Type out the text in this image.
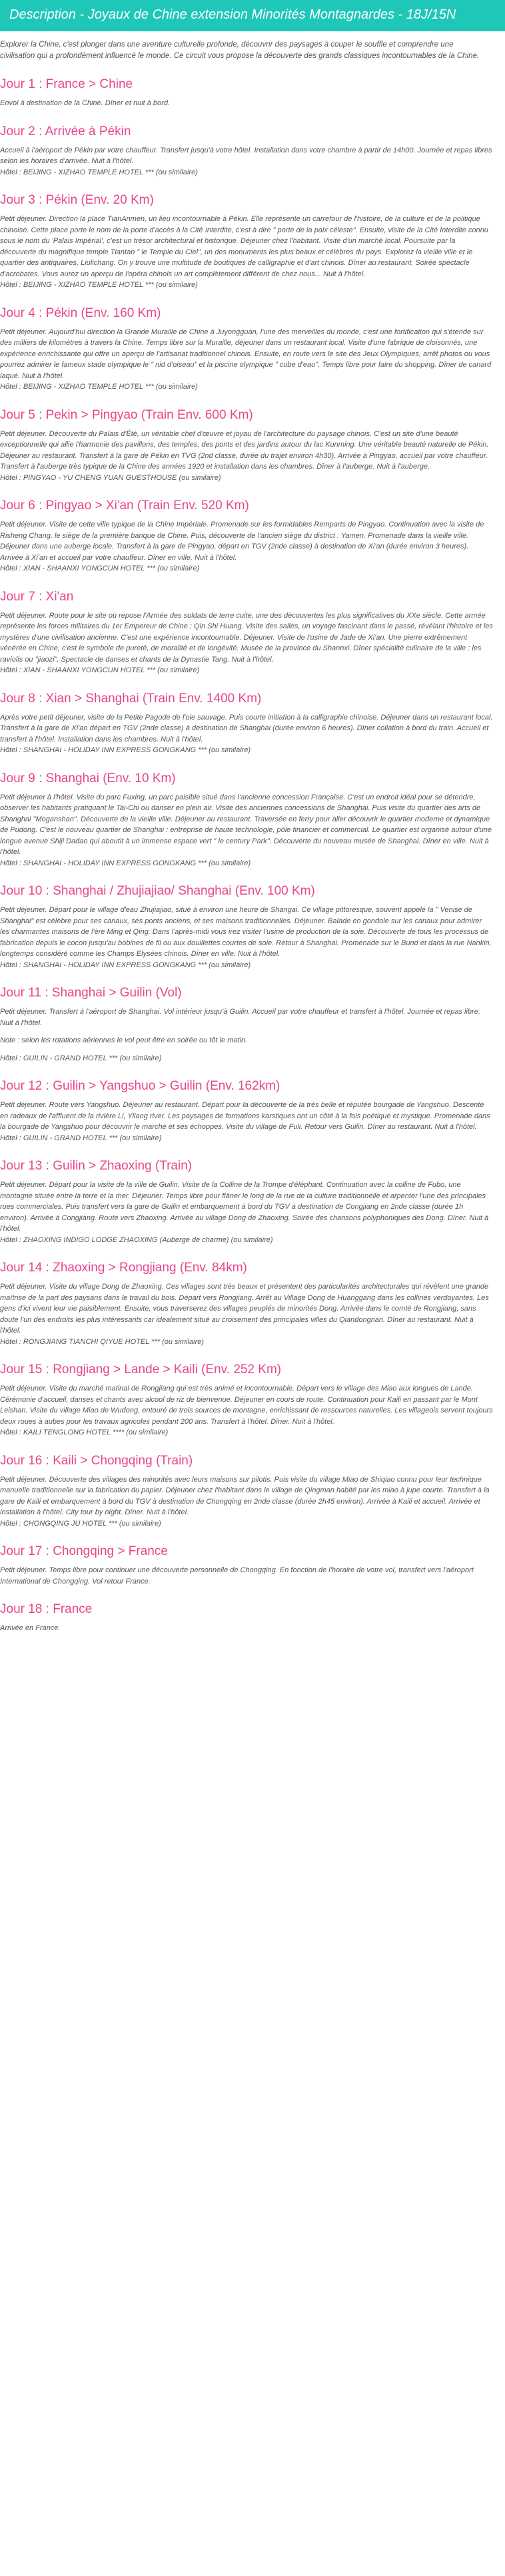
Description - Joyaux de Chine extension Minorités Montagnardes - 18J/15N

Explorer la Chine, c'est plonger dans une aventure culturelle profonde, découvrir des paysages à couper le souffle et comprendre une civilisation qui a profondément influencé le monde. Ce circuit vous propose la découverte des grands classiques incontournables de la Chine.

Jour 1 : France > Chine

Envol à destination de la Chine. Dîner et nuit à bord.

Jour 2 : Arrivée à Pékin

Accueil à l'aéroport de Pékin par votre chauffeur. Transfert jusqu'à votre hôtel. Installation dans votre chambre à partir de 14h00. Journée et repas libres selon les horaires d'arrivée. Nuit à l'hôtel.
Hôtel : BEIJING - XIZHAO TEMPLE HOTEL *** (ou similaire)

Jour 3 : Pékin (Env. 20 Km)

Petit déjeuner. Direction la place TianAnmen, un lieu incontournable à Pékin. Elle représente un carrefour de l'histoire, de la culture et de la politique chinoise. Cette place porte le nom de la porte d'accès à la Cité Interdite, c'est à dire " porte de la paix céleste". Ensuite, visite de la Cité Interdite connu sous le nom du 'Palais Impérial', c'est un trésor architectural et historique. Déjeuner chez l'habitant. Visite d'un marché local. Poursuite par la découverte du magnifique temple Tiantan " le Temple du Ciel", un des monuments les plus beaux et célèbres du pays. Explorez la vieille ville et le quartier des antiquaires, Liulichang. On y trouve une multitude de boutiques de calligraphie et d'art chinois. Dîner au restaurant. Soirée spectacle d'acrobates. Vous aurez un aperçu de l'opéra chinois un art complètement différent de chez nous... Nuit à l'hôtel.
Hôtel : BEIJING - XIZHAO TEMPLE HOTEL *** (ou similaire)

Jour 4 : Pékin (Env. 160 Km)

Petit déjeuner. Aujourd'hui direction la Grande Muraille de Chine à Juyongguan, l'une des merveilles du monde, c'est une fortification qui s'étende sur des milliers de kilomètres à travers la Chine. Temps libre sur la Muraille, déjeuner dans un restaurant local. Visite d'une fabrique de cloisonnés, une expérience enrichissante qui offre un aperçu de l'artisanat traditionnel chinois. Ensuite, en route vers le site des Jeux Olympiques, arrêt photos ou vous pourrez admirer le fameux stade olympique le " nid d'oiseau" et la piscine olympique " cube d'eau". Temps libre pour faire du shopping. Dîner de canard laqué. Nuit à l'hôtel.
Hôtel : BEIJING - XIZHAO TEMPLE HOTEL *** (ou similaire)

Jour 5 : Pekin > Pingyao (Train Env. 600 Km)

Petit déjeuner. Découverte du Palais d'Été, un véritable chef d'œuvre et joyau de l'architecture du paysage chinois. C'est un site d'une beauté exceptionnelle qui allie l'harmonie des pavillons, des temples, des ponts et des jardins autour du lac Kunming. Une véritable beauté naturelle de Pékin. Déjeuner au restaurant. Transfert à la gare de Pékin en TVG (2nd classe, durée du trajet environ 4h30). Arrivée à Pingyao, accueil par votre chauffeur. Transfert à l'auberge très typique de la Chine des années 1920 et installation dans les chambres. Dîner à l'auberge. Nuit à l'auberge.
Hôtel : PINGYAO - YU CHENG YUAN GUESTHOUSE (ou similaire)

Jour 6 : Pingyao > Xi'an (Train Env. 520 Km)

Petit déjeuner. Visite de cette ville typique de la Chine Impériale. Promenade sur les formidables Remparts de Pingyao. Continuation avec la visite de Risheng Chang, le siège de la première banque de Chine. Puis, découverte de l'ancien siège du district : Yamen. Promenade dans la vieille ville. Déjeuner dans une auberge locale. Transfert à la gare de Pingyao, départ en TGV (2nde classe) à destination de Xi'an (durée environ 3 heures). Arrivée à Xi'an et accueil par votre chauffeur. Dîner en ville. Nuit à l'hôtel.
Hôtel : XIAN - SHAANXI YONGCUN HOTEL *** (ou similaire)

Jour 7 : Xi'an

Petit déjeuner. Route pour le site où repose l'Armée des soldats de terre cuite, une des découvertes les plus significatives du XXe siècle. Cette armée représente les forces militaires du 1er Empereur de Chine : Qin Shi Huang. Visite des salles, un voyage fascinant dans le passé, révélant l'histoire et les mystères d'une civilisation ancienne. C'est une expérience incontournable. Déjeuner. Visite de l'usine de Jade de Xi'an. Une pierre extrêmement vénérée en Chine, c'est le symbole de pureté, de moralité et de longévité. Musée de la province du Shannxi. Dîner spécialité culinaire de la ville : les raviolis ou "jiaozi". Spectacle de danses et chants de la Dynastie Tang. Nuit à l'hôtel.
Hôtel : XIAN - SHAANXI YONGCUN HOTEL *** (ou similaire)

Jour 8 : Xian > Shanghai (Train Env. 1400 Km)

Après votre petit déjeuner, visite de la Petite Pagode de l'oie sauvage. Puis courte initiation à la calligraphie chinoise. Déjeuner dans un restaurant local. Transfert à la gare de Xi'an départ en TGV (2nde classe) à destination de Shanghai (durée environ 6 heures). Dîner collation à bord du train. Accueil et transfert à l'hôtel. Installation dans les chambres. Nuit à l'hôtel.
Hôtel : SHANGHAI - HOLIDAY INN EXPRESS GONGKANG *** (ou similaire)

Jour 9 : Shanghai (Env. 10 Km)

Petit déjeuner à l'hôtel. Visite du parc Fuxing, un parc paisible situé dans l'ancienne concession Française. C'est un endroit idéal pour se détendre, observer les habitants pratiquant le Tai-Chi ou danser en plein air. Visite des anciennes concessions de Shanghai. Puis visite du quartier des arts de Shanghai "Moganshan". Découverte de la vieille ville. Déjeuner au restaurant. Traversée en ferry pour aller découvrir le quartier moderne et dynamique de Pudong. C'est le nouveau quartier de Shanghai : entreprise de haute technologie, pôle financier et commercial. Le quartier est organisé autour d'une longue avenue Shiji Dadao qui aboutit à un immense espace vert " le century Park". Découverte du nouveau musée de Shanghai. Dîner en ville. Nuit à l'hôtel.
Hôtel : SHANGHAI - HOLIDAY INN EXPRESS GONGKANG *** (ou similaire)

Jour 10 : Shanghai / Zhujiajiao/ Shanghai (Env. 100 Km)

Petit déjeuner. Départ pour le village d'eau Zhujiajiao, situé à environ une heure de Shangai. Ce village pittoresque, souvent appelé la " Venise de Shanghai" est célèbre pour ses canaux, ses ponts anciens, et ses maisons traditionnelles. Déjeuner. Balade en gondole sur les canaux pour admirer les charmantes maisons de l'ère Ming et Qing. Dans l'après-midi vous irez visiter l'usine de production de la soie. Découverte de tous les processus de fabrication depuis le cocon jusqu'au bobines de fil ou aux douillettes courtes de soie. Retour à Shanghai. Promenade sur le Bund et dans la rue Nankin, longtemps considéré comme les Champs Elysées chinois. Dîner en ville. Nuit à l'hôtel.
Hôtel : SHANGHAI - HOLIDAY INN EXPRESS GONGKANG *** (ou similaire)

Jour 11 : Shanghai > Guilin (Vol)

Petit déjeuner. Transfert à l'aéroport de Shanghai. Vol intérieur jusqu'à Guilin. Accueil par votre chauffeur et transfert à l'hôtel. Journée et repas libre. Nuit à l'hôtel.

Note : selon les rotations aériennes le vol peut être en soirée ou tôt le matin.

Hôtel : GUILIN - GRAND HOTEL *** (ou similaire)

Jour 12 : Guilin > Yangshuo > Guilin (Env. 162km)

Petit déjeuner. Route vers Yangshuo. Déjeuner au restaurant. Départ pour la découverte de la très belle et réputée bourgade de Yangshuo. Descente en radeaux de l'affluent de la rivière Li, Yilang river. Les paysages de formations karstiques ont un côté à la fois poétique et mystique. Promenade dans la bourgade de Yangshuo pour découvrir le marché et ses échoppes. Visite du village de Fuli. Retour vers Guilin. Dîner au restaurant. Nuit à l'hôtel.
Hôtel : GUILIN - GRAND HOTEL *** (ou similaire)

Jour 13 : Guilin > Zhaoxing (Train)

Petit déjeuner. Départ pour la visite de la ville de Guilin. Visite de la Colline de la Trompe d'éléphant. Continuation avec la colline de Fubo, une montagne située entre la terre et la mer. Déjeuner. Temps libre pour flâner le long de la rue de la culture traditionnelle et arpenter l'une des principales rues commerciales. Puis transfert vers la gare de Guilin et embarquement à bord du TGV à destination de Congjiang en 2nde classe (durée 1h environ). Arrivée à Congjiang. Route vers Zhaoxing. Arrivée au village Dong de Zhaoxing. Soirée des chansons polyphoniques des Dong. Dîner. Nuit à l'hôtel.
Hôtel : ZHAOXING INDIGO LODGE ZHAOXING (Auberge de charme) (ou similaire)

Jour 14 : Zhaoxing > Rongjiang (Env. 84km)

Petit déjeuner. Visite du village Dong de Zhaoxing. Ces villages sont très beaux et présentent des particularités architecturales qui révèlent une grande maîtrise de la part des paysans dans le travail du bois. Départ vers Rongjiang. Arrêt au Village Dong de Huanggang dans les collines verdoyantes. Les gens d'ici vivent leur vie paisiblement. Ensuite, vous traverserez des villages peuplés de minorités Dong. Arrivée dans le comté de Rongjiang, sans doute l'un des endroits les plus intéressants car idéalement situé au croisement des principales villes du Qiandongnan. Dîner au restaurant. Nuit à l'hôtel.
Hôtel : RONGJIANG TIANCHI QIYUE HOTEL *** (ou similaire)

Jour 15 : Rongjiang > Lande > Kaili (Env. 252 Km)

Petit déjeuner. Visite du marché matinal de Rongjiang qui est très animé et incontournable. Départ vers le village des Miao aux longues de Lande. Cérémonie d'accueil, danses et chants avec alcool de riz de bienvenue. Déjeuner en cours de route. Continuation pour Kaili en passant par le Mont Leishan. Visite du village Miao de Wudong, entouré de trois sources de montagne, enrichissant de ressources naturelles. Les villageois servent toujours deux roues à aubes pour les travaux agricoles pendant 200 ans. Transfert à l'hôtel. Dîner. Nuit à l'hôtel.
Hôtel : KAILI TENGLONG HOTEL **** (ou similaire)

Jour 16 : Kaili > Chongqing (Train)

Petit déjeuner. Découverte des villages des minorités avec leurs maisons sur pilotis. Puis visite du village Miao de Shiqiao connu pour leur technique manuelle traditionnelle sur la fabrication du papier. Déjeuner chez l'habitant dans le village de Qingman habité par les miao à jupe courte. Transfert à la gare de Kaili et embarquement à bord du TGV à destination de Chongqing en 2nde classe (durée 2h45 environ). Arrivée à Kaili et accueil. Arrivée et installation à l'hôtel. City tour by night. Dîner. Nuit à l'hôtel.
Hôtel : CHONGQING JU HOTEL *** (ou similaire)

Jour 17 : Chongqing > France

Petit déjeuner. Temps libre pour continuer une découverte personnelle de Chongqing. En fonction de l'horaire de votre vol, transfert vers l'aéroport International de Chongqing. Vol retour France.

Jour 18 : France

Arrivée en France.
